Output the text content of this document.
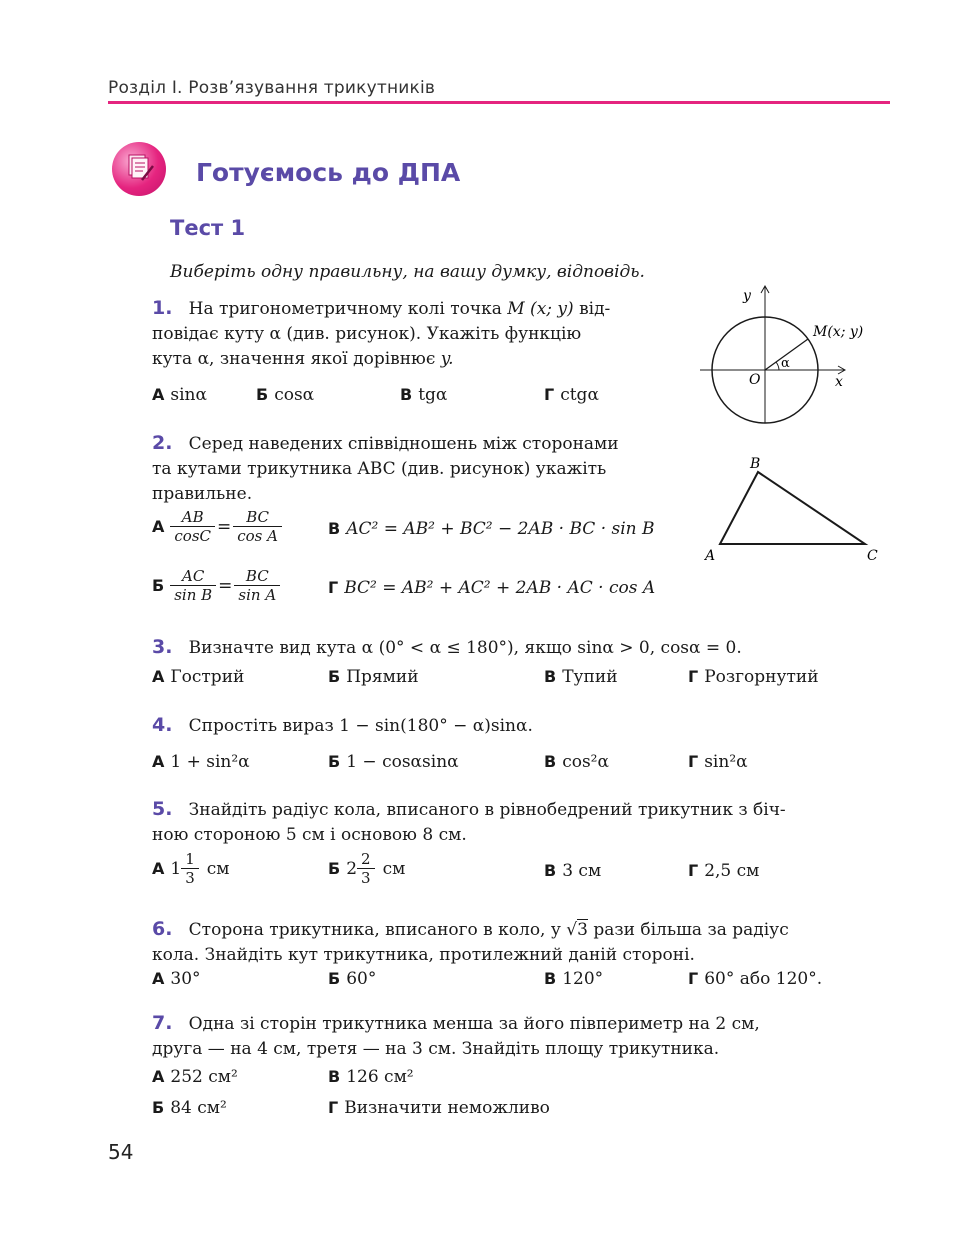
Розділ I. Розв’язування трикутників
Готуємось до ДПА
Тест 1
Виберіть одну правильну, на вашу думку, відповідь.
1. На тригонометричному колі точка M (x; y) від-
повідає куту α (див. рисунок). Укажіть функцію
кута α, значення якої дорівнює y.
А sinα	Б cosα	В tgα	Г ctgα
y
x
O
α
M(x; y)
2. Серед наведених співвідношень між сторонами
та кутами трикутника ABC (див. рисунок) укажіть
правильне.
А $\frac{AB}{\cos C} = \frac{BC}{\text{cos A}}$
Б $\frac{AC}{\text{sin B}} = \frac{BC}{\text{sin A}}$
В AC² = AB² + BC² − 2AB · BC · sin B
Г BC² = AB² + AC² + 2AB · AC · cos A
B
A	C
3. Визначте вид кута α (0° < α ≤ 180°), якщо sinα > 0, cosα = 0.
А Гострий	Б Прямий	В Тупий	Г Розгорнутий
4. Спростіть вираз 1 − sin(180° − α)sinα.
А 1 + sin²α	Б 1 − cosαsinα	В cos²α	Г sin²α
5. Знайдіть радіус кола, вписаного в рівнобедрений трикутник з біч-
ною стороною 5 см і основою 8 см.
А $1 \frac{1}{3}$ см	Б $2 \frac{2}{3}$ см	В 3 см	Г 2,5 см
6. Сторона трикутника, вписаного в коло, у √3 рази більша за радіус
кола. Знайдіть кут трикутника, протилежний даній стороні.
А 30°	Б 60°	В 120°	Г 60° або 120°.
7. Одна зі сторін трикутника менша за його півпериметр на 2 см,
друга — на 4 см, третя — на 3 см. Знайдіть площу трикутника.
А 252 см²	В 126 см²
Б 84 см²	Г Визначити неможливо
54
